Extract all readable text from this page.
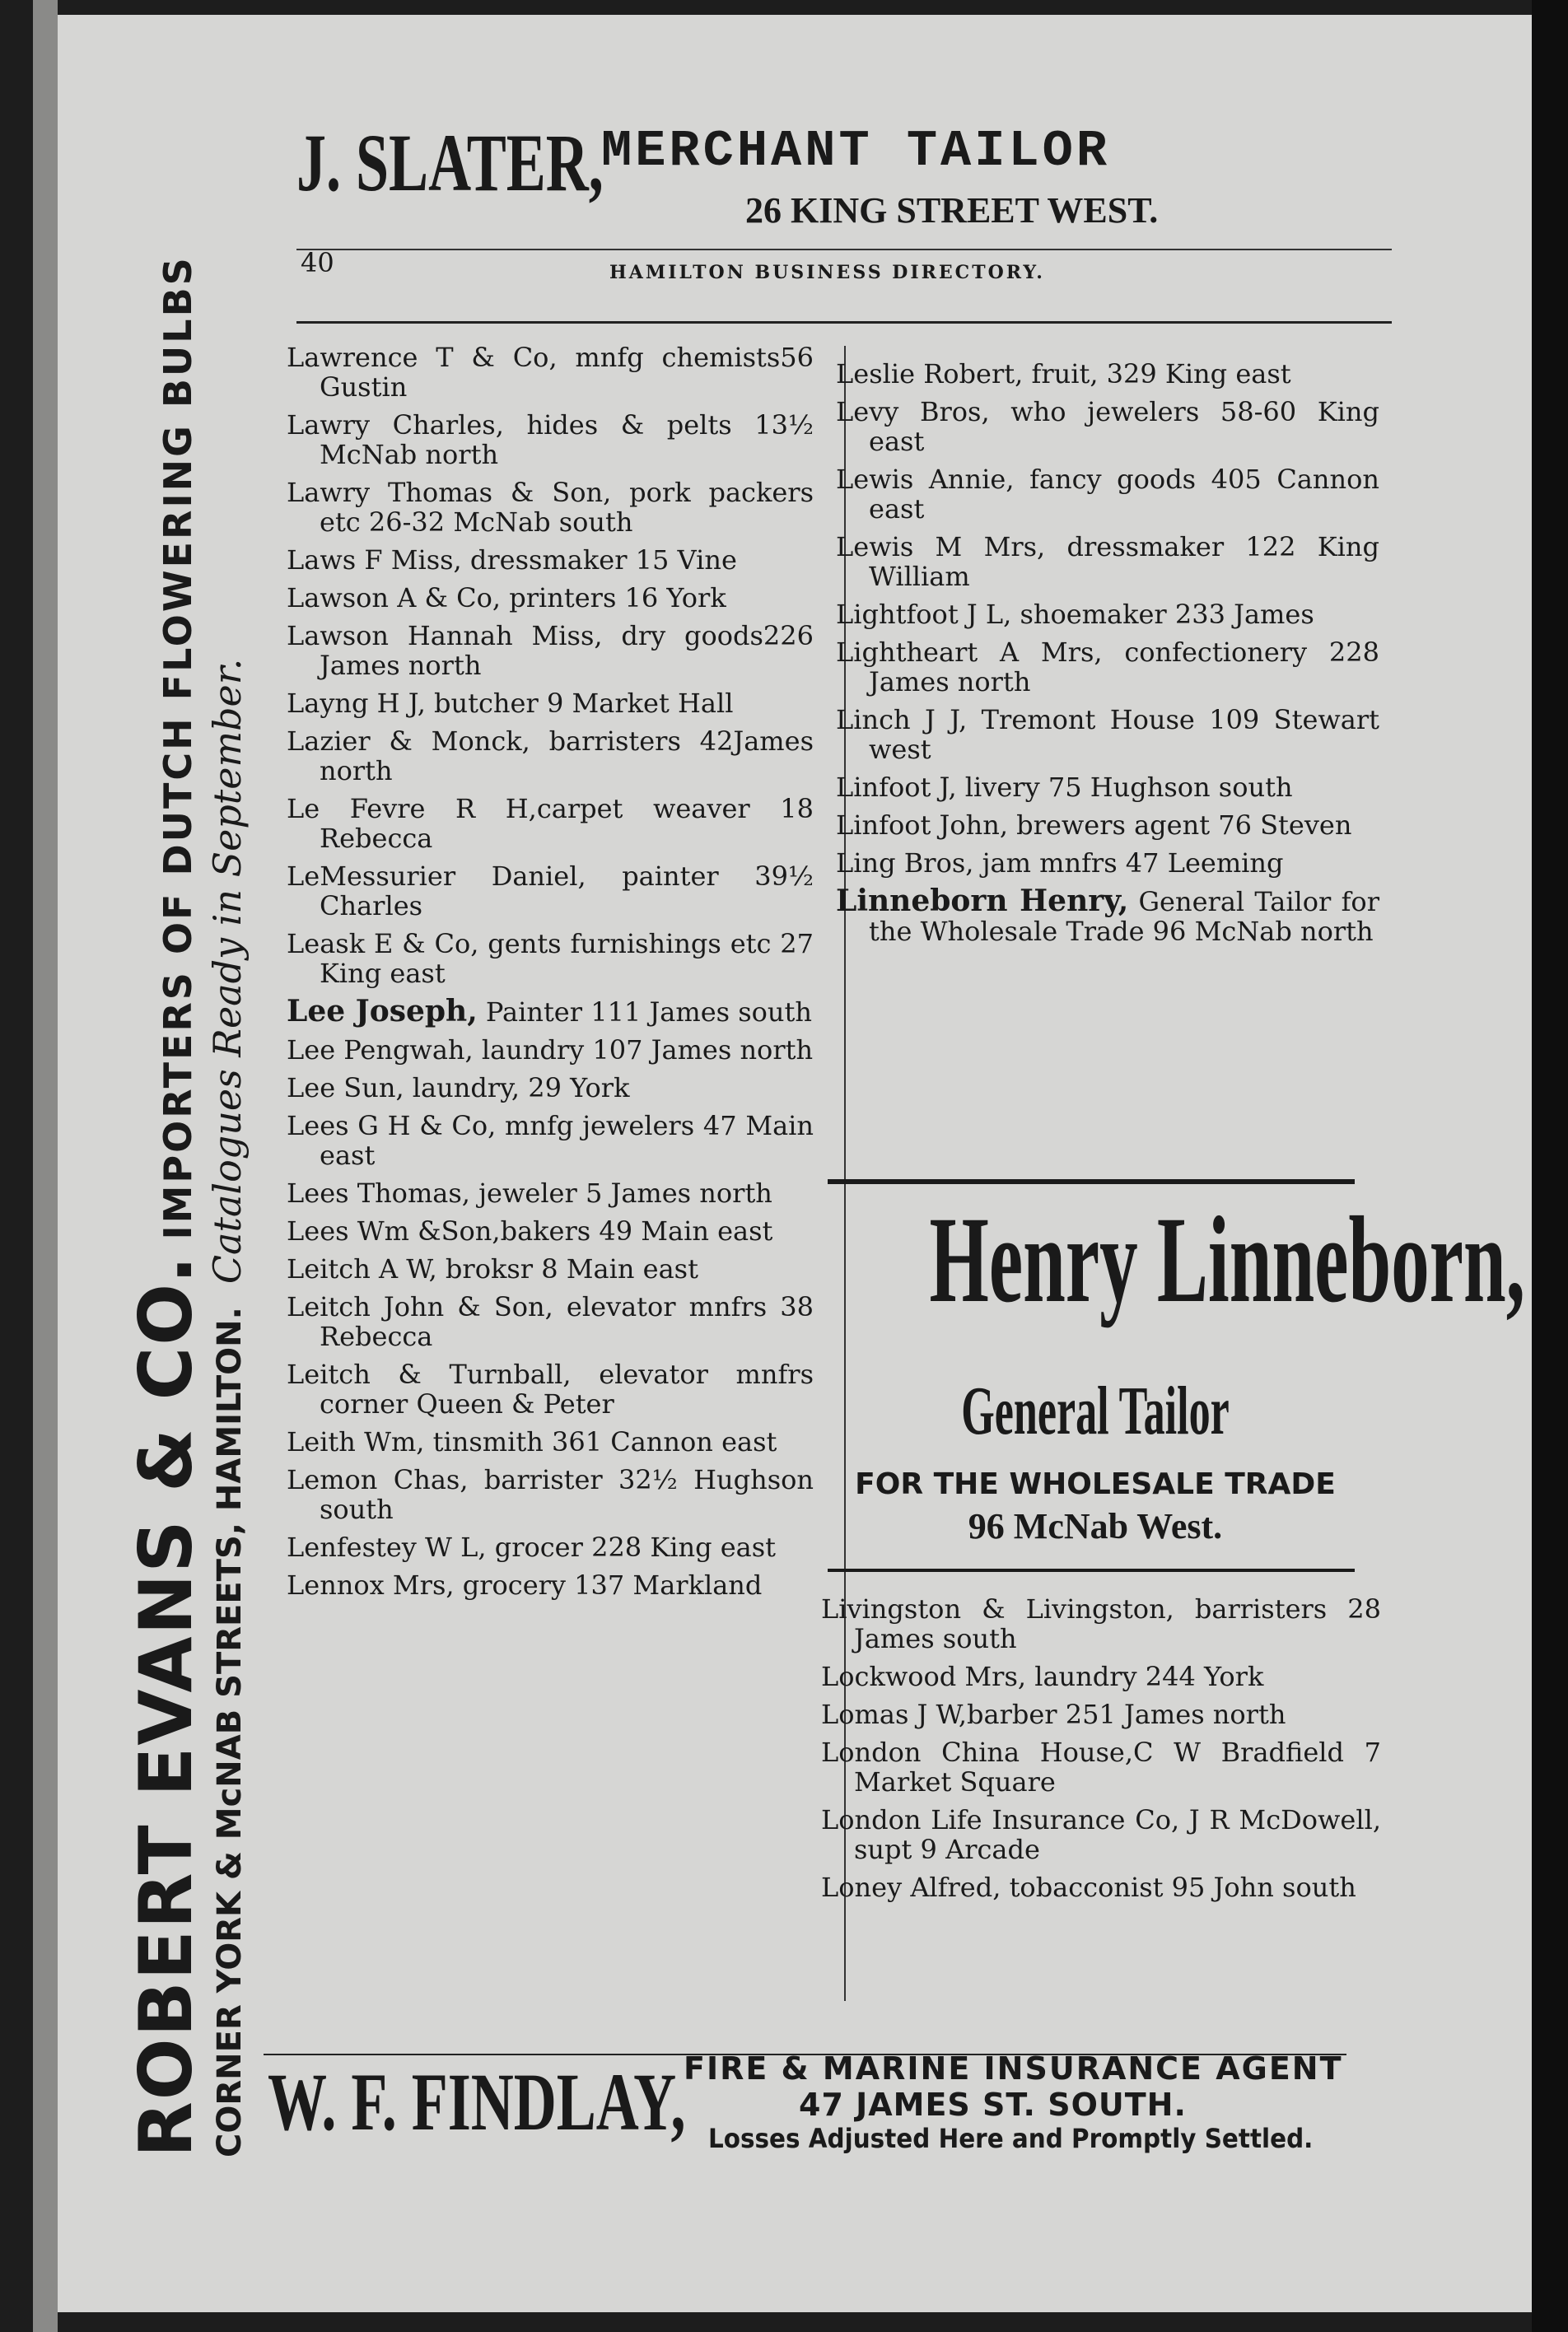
ROBERT EVANS & CO.
IMPORTERS OF DUTCH FLOWERING BULBS
CORNER YORK & McNAB STREETS, HAMILTON.
Catalogues Ready in September.
J. SLATER,
MERCHANT TAILOR
26 KING STREET WEST.
40	HAMILTON BUSINESS DIRECTORY.
Lawrence T & Co, mnfg chemists56 Gustin
Lawry Charles, hides & pelts 13½ McNab north
Lawry Thomas & Son, pork packers etc 26-32 McNab south
Laws F Miss, dressmaker 15 Vine
Lawson A & Co, printers 16 York
Lawson Hannah Miss, dry goods226 James north
Layng H J, butcher 9 Market Hall
Lazier & Monck, barristers 42James north
Le Fevre R H,carpet weaver 18 Rebecca
LeMessurier Daniel, painter 39½ Charles
Leask E & Co, gents furnishings etc 27 King east
Lee Joseph, Painter 111 James south
Lee Pengwah, laundry 107 James north
Lee Sun, laundry, 29 York
Lees G H & Co, mnfg jewelers 47 Main east
Lees Thomas, jeweler 5 James north
Lees Wm &Son,bakers 49 Main east
Leitch A W, broksr 8 Main east
Leitch John & Son, elevator mnfrs 38 Rebecca
Leitch & Turnball, elevator mnfrs corner Queen & Peter
Leith Wm, tinsmith 361 Cannon east
Lemon Chas, barrister 32½ Hughson south
Lenfestey W L, grocer 228 King east
Lennox Mrs, grocery 137 Markland
Leslie Robert, fruit, 329 King east
Levy Bros, who jewelers 58-60 King east
Lewis Annie, fancy goods 405 Cannon east
Lewis M Mrs, dressmaker 122 King William
Lightfoot J L, shoemaker 233 James
Lightheart A Mrs, confectionery 228 James north
Linch J J, Tremont House 109 Stewart west
Linfoot J, livery 75 Hughson south
Linfoot John, brewers agent 76 Steven
Ling Bros, jam mnfrs 47 Leeming
Linneborn Henry, General Tailor for the Wholesale Trade 96 McNab north
Henry Linneborn,
General Tailor
FOR THE WHOLESALE TRADE
96 McNab West.
Livingston & Livingston, barristers 28 James south
Lockwood Mrs, laundry 244 York
Lomas J W,barber 251 James north
London China House,C W Bradfield 7 Market Square
London Life Insurance Co, J R McDowell, supt 9 Arcade
Loney Alfred, tobacconist 95 John south
W. F. FINDLAY,
FIRE & MARINE INSURANCE AGENT
47 JAMES ST. SOUTH.
Losses Adjusted Here and Promptly Settled.
